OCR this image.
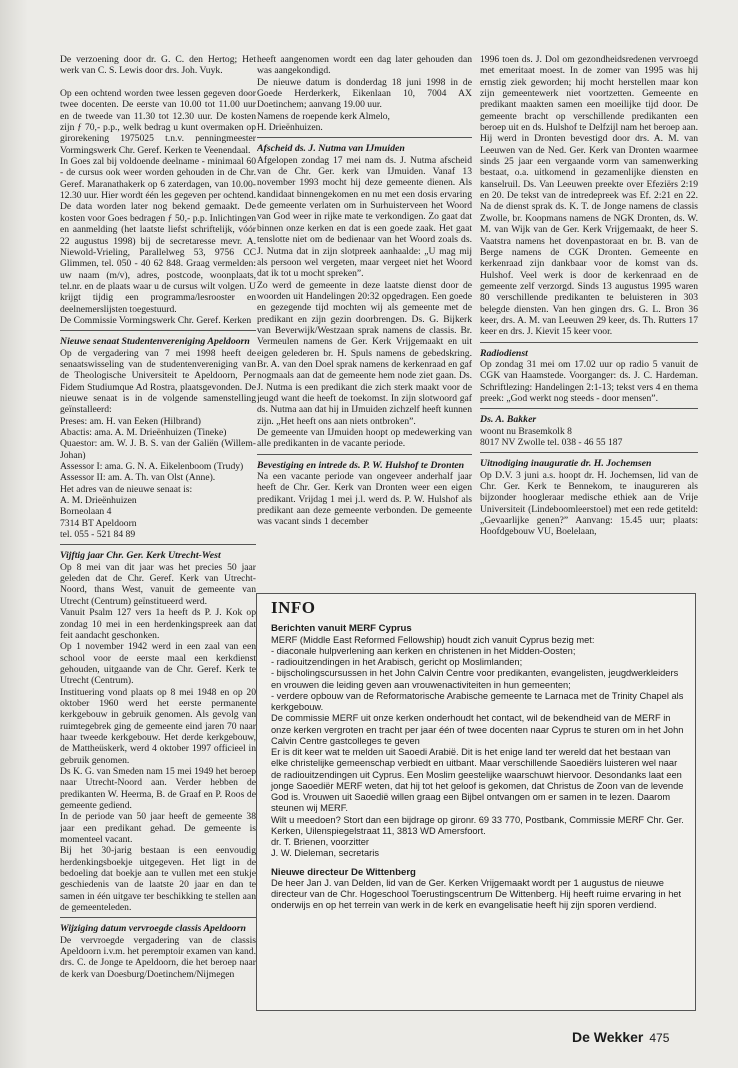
De verzoening door dr. G. C. den Hertog; Het werk van C. S. Lewis door drs. Joh. Vuyk.

Op een ochtend worden twee lessen gegeven door twee docenten. De eerste van 10.00 tot 11.00 uur en de tweede van 11.30 tot 12.30 uur. De kosten zijn ƒ 70,- p.p., welk bedrag u kunt overmaken op girorekening 1975025 t.n.v. penningmeester Vormingswerk Chr. Geref. Kerken te Veenendaal.

In Goes zal bij voldoende deelname - minimaal 60 - de cursus ook weer worden gehouden in de Chr. Geref. Maranathakerk op 6 zaterdagen, van 10.00-12.30 uur. Hier wordt één les gegeven per ochtend. De data worden later nog bekend gemaakt. De kosten voor Goes bedragen ƒ 50,- p.p. Inlichtingen en aanmelding (het laatste liefst schriftelijk, vóór 22 augustus 1998) bij de secretaresse mevr. A. Niewold-Vrieling, Parallelweg 53, 9756 CC Glimmen, tel. 050 - 40 62 848. Graag vermelden: uw naam (m/v), adres, postcode, woonplaats, tel.nr. en de plaats waar u de cursus wilt volgen. U krijgt tijdig een programma/lesrooster en deelnemerslijsten toegestuurd.

De Commissie Vormingswerk Chr. Geref. Kerken

Nieuwe senaat Studentenvereniging Apeldoorn

Op de vergadering van 7 mei 1998 heeft de senaatswisseling van de studentenvereniging van de Theologische Universiteit te Apeldoorn, Per Fidem Studiumque Ad Rostra, plaatsgevonden. De nieuwe senaat is in de volgende samenstelling geïnstalleerd:

Preses: am. H. van Eeken (Hilbrand)

Abactis: ama. A. M. Drieënhuizen (Tineke)

Quaestor: am. W. J. B. S. van der Galiën (Willem-Johan)

Assessor I: ama. G. N. A. Eikelenboom (Trudy)

Assessor II: am. A. Th. van Olst (Anne).

Het adres van de nieuwe senaat is:

A. M. Drieënhuizen

Borneolaan 4

7314 BT Apeldoorn

tel. 055 - 521 84 89

Vijftig jaar Chr. Ger. Kerk Utrecht-West

Op 8 mei van dit jaar was het precies 50 jaar geleden dat de Chr. Geref. Kerk van Utrecht-Noord, thans West, vanuit de gemeente van Utrecht (Centrum) geïnstitueerd werd.

Vanuit Psalm 127 vers 1a heeft ds P. J. Kok op zondag 10 mei in een herdenkingspreek aan dat feit aandacht geschonken.

Op 1 november 1942 werd in een zaal van een school voor de eerste maal een kerkdienst gehouden, uitgaande van de Chr. Geref. Kerk te Utrecht (Centrum).

Instituering vond plaats op 8 mei 1948 en op 20 oktober 1960 werd het eerste permanente kerkgebouw in gebruik genomen. Als gevolg van ruimtegebrek ging de gemeente eind jaren 70 naar haar tweede kerkgebouw. Het derde kerkgebouw, de Mattheüskerk, werd 4 oktober 1997 officieel in gebruik genomen.

Ds K. G. van Smeden nam 15 mei 1949 het beroep naar Utrecht-Noord aan. Verder hebben de predikanten W. Heerma, B. de Graaf en P. Roos de gemeente gediend.

In de periode van 50 jaar heeft de gemeente 38 jaar een predikant gehad. De gemeente is momenteel vacant.

Bij het 30-jarig bestaan is een eenvoudig herdenkingsboekje uitgegeven. Het ligt in de bedoeling dat boekje aan te vullen met een stukje geschiedenis van de laatste 20 jaar en dan te samen in één uitgave ter beschikking te stellen aan de gemeenteleden.

Wijziging datum vervroegde classis Apeldoorn

De vervroegde vergadering van de classis Apeldoorn i.v.m. het peremptoir examen van kand. drs. C. de Jonge te Apeldoorn, die het beroep naar de kerk van Doesburg/Doetinchem/Nijmegen

heeft aangenomen wordt een dag later gehouden dan was aangekondigd.

De nieuwe datum is donderdag 18 juni 1998 in de Goede Herderkerk, Eikenlaan 10, 7004 AX Doetinchem; aanvang 19.00 uur.

Namens de roepende kerk Almelo,

H. Drieënhuizen.

Afscheid ds. J. Nutma van IJmuiden

Afgelopen zondag 17 mei nam ds. J. Nutma afscheid van de Chr. Ger. kerk van IJmuiden. Vanaf 13 november 1993 mocht hij deze gemeente dienen. Als kandidaat binnengekomen en nu met een dosis ervaring de gemeente verlaten om in Surhuisterveen het Woord van God weer in rijke mate te verkondigen. Zo gaat dat binnen onze kerken en dat is een goede zaak. Het gaat tenslotte niet om de bedienaar van het Woord zoals ds. J. Nutma dat in zijn slotpreek aanhaalde: „U mag mij als persoon wel vergeten, maar vergeet niet het Woord dat ik tot u mocht spreken”.

Zo werd de gemeente in deze laatste dienst door de woorden uit Handelingen 20:32 opgedragen. Een goede en gezegende tijd mochten wij als gemeente met de predikant en zijn gezin doorbrengen. Ds. G. Bijkerk van Beverwijk/Westzaan sprak namens de classis. Br. Vermeulen namens de Ger. Kerk Vrijgemaakt en uit eigen gelederen br. H. Spuls namens de gebedskring. Br. A. van den Doel sprak namens de kerkenraad en gaf nogmaals aan dat de gemeente hem node ziet gaan. Ds. J. Nutma is een predikant die zich sterk maakt voor de jeugd want die heeft de toekomst. In zijn slotwoord gaf ds. Nutma aan dat hij in IJmuiden zichzelf heeft kunnen zijn. „Het heeft ons aan niets ontbroken”.

De gemeente van IJmuiden hoopt op medewerking van alle predikanten in de vacante periode.

Bevestiging en intrede ds. P. W. Hulshof te Dronten

Na een vacante periode van ongeveer anderhalf jaar heeft de Chr. Ger. Kerk van Dronten weer een eigen predikant. Vrijdag 1 mei j.l. werd ds. P. W. Hulshof als predikant aan deze gemeente verbonden. De gemeente was vacant sinds 1 december

1996 toen ds. J. Dol om gezondheidsredenen vervroegd met emeritaat moest. In de zomer van 1995 was hij ernstig ziek geworden; hij mocht herstellen maar kon zijn gemeentewerk niet voortzetten. Gemeente en predikant maakten samen een moeilijke tijd door. De gemeente bracht op verschillende predikanten een beroep uit en ds. Hulshof te Delfzijl nam het beroep aan. Hij werd in Dronten bevestigd door drs. A. M. van Leeuwen van de Ned. Ger. Kerk van Dronten waarmee sinds 25 jaar een vergaande vorm van samenwerking bestaat, o.a. uitkomend in gezamenlijke diensten en kanselruil. Ds. Van Leeuwen preekte over Efeziërs 2:19 en 20. De tekst van de intredepreek was Ef. 2:21 en 22. Na de dienst sprak ds. K. T. de Jonge namens de classis Zwolle, br. Koopmans namens de NGK Dronten, ds. W. M. van Wijk van de Ger. Kerk Vrijgemaakt, de heer S. Vaatstra namens het dovenpastoraat en br. B. van de Berge namens de CGK Dronten. Gemeente en kerkenraad zijn dankbaar voor de komst van ds. Hulshof. Veel werk is door de kerkenraad en de gemeente zelf verzorgd. Sinds 13 augustus 1995 waren 80 verschillende predikanten te beluisteren in 303 belegde diensten. Van hen gingen drs. G. L. Bron 36 keer, drs. A. M. van Leeuwen 29 keer, ds. Th. Rutters 17 keer en drs. J. Kievit 15 keer voor.

Radiodienst

Op zondag 31 mei om 17.02 uur op radio 5 vanuit de CGK van Haamstede. Voorganger: ds. J. C. Hardeman. Schriftlezing: Handelingen 2:1-13; tekst vers 4 en thema preek: „God werkt nog steeds - door mensen”.

Ds. A. Bakker

woont nu Brasemkolk 8

8017 NV Zwolle tel. 038 - 46 55 187

Uitnodiging inauguratie dr. H. Jochemsen

Op D.V. 3 juni a.s. hoopt dr. H. Jochemsen, lid van de Chr. Ger. Kerk te Bennekom, te inaugureren als bijzonder hoogleraar medische ethiek aan de Vrije Universiteit (Lindeboomleerstoel) met een rede getiteld: „Gevaarlijke genen?” Aanvang: 15.45 uur; plaats: Hoofdgebouw VU, Boelelaan,

INFO
Berichten vanuit MERF Cyprus

MERF (Middle East Reformed Fellowship) houdt zich vanuit Cyprus bezig met:

- diaconale hulpverlening aan kerken en christenen in het Midden-Oosten;

- radiouitzendingen in het Arabisch, gericht op Moslimlanden;

- bijscholingscursussen in het John Calvin Centre voor predikanten, evangelisten, jeugdwerkleiders en vrouwen die leiding geven aan vrouwenactiviteiten in hun gemeenten;

- verdere opbouw van de Reformatorische Arabische gemeente te Larnaca met de Trinity Chapel als kerkgebouw.

De commissie MERF uit onze kerken onderhoudt het contact, wil de bekendheid van de MERF in onze kerken vergroten en tracht per jaar één of twee docenten naar Cyprus te sturen om in het John Calvin Centre gastcolleges te geven

Er is dit keer wat te melden uit Saoedi Arabië. Dit is het enige land ter wereld dat het bestaan van elke christelijke gemeenschap verbiedt en uitbant. Maar verschillende Saoediërs luisteren wel naar de radiouitzendingen uit Cyprus. Een Moslim geestelijke waarschuwt hiervoor. Desondanks laat een jonge Saoediër MERF weten, dat hij tot het geloof is gekomen, dat Christus de Zoon van de levende God is. Vrouwen uit Saoedië willen graag een Bijbel ontvangen om er samen in te lezen. Daarom steunen wij MERF.

Wilt u meedoen? Stort dan een bijdrage op gironr. 69 33 770, Postbank, Commissie MERF Chr. Ger. Kerken, Uilenspiegelstraat 11, 3813 WD Amersfoort.

dr. T. Brienen, voorzitter

J. W. Dieleman, secretaris

Nieuwe directeur De Wittenberg

De heer Jan J. van Delden, lid van de Ger. Kerken Vrijgemaakt wordt per 1 augustus de nieuwe directeur van de Chr. Hogeschool Toerustingscentrum De Wittenberg. Hij heeft ruime ervaring in het onderwijs en op het terrein van werk in de kerk en evangelisatie heeft hij zijn sporen verdiend.

De Wekker 475
